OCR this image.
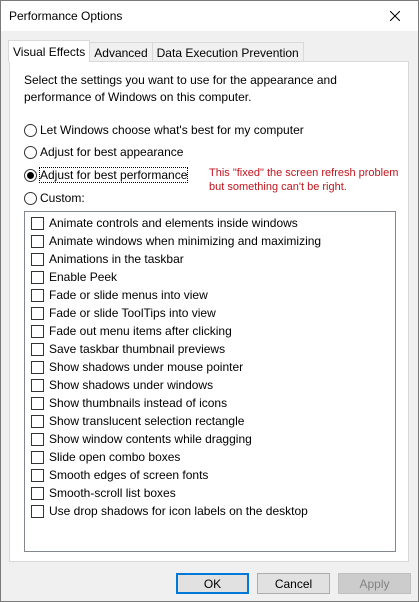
Performance Options
Visual Effects Advanced Data Execution Prevention
Select the settings you want to use for the appearance and performance of Windows on this computer.
Let Windows choose what's best for my computer
Adjust for best appearance
Adjust for best performance
Custom:
This "fixed" the screen refresh problem
but something can't be right.
Animate controls and elements inside windows
Animate windows when minimizing and maximizing
Animations in the taskbar
Enable Peek
Fade or slide menus into view
Fade or slide ToolTips into view
Fade out menu items after clicking
Save taskbar thumbnail previews
Show shadows under mouse pointer
Show shadows under windows
Show thumbnails instead of icons
Show translucent selection rectangle
Show window contents while dragging
Slide open combo boxes
Smooth edges of screen fonts
Smooth-scroll list boxes
Use drop shadows for icon labels on the desktop
OK	Cancel	Apply
